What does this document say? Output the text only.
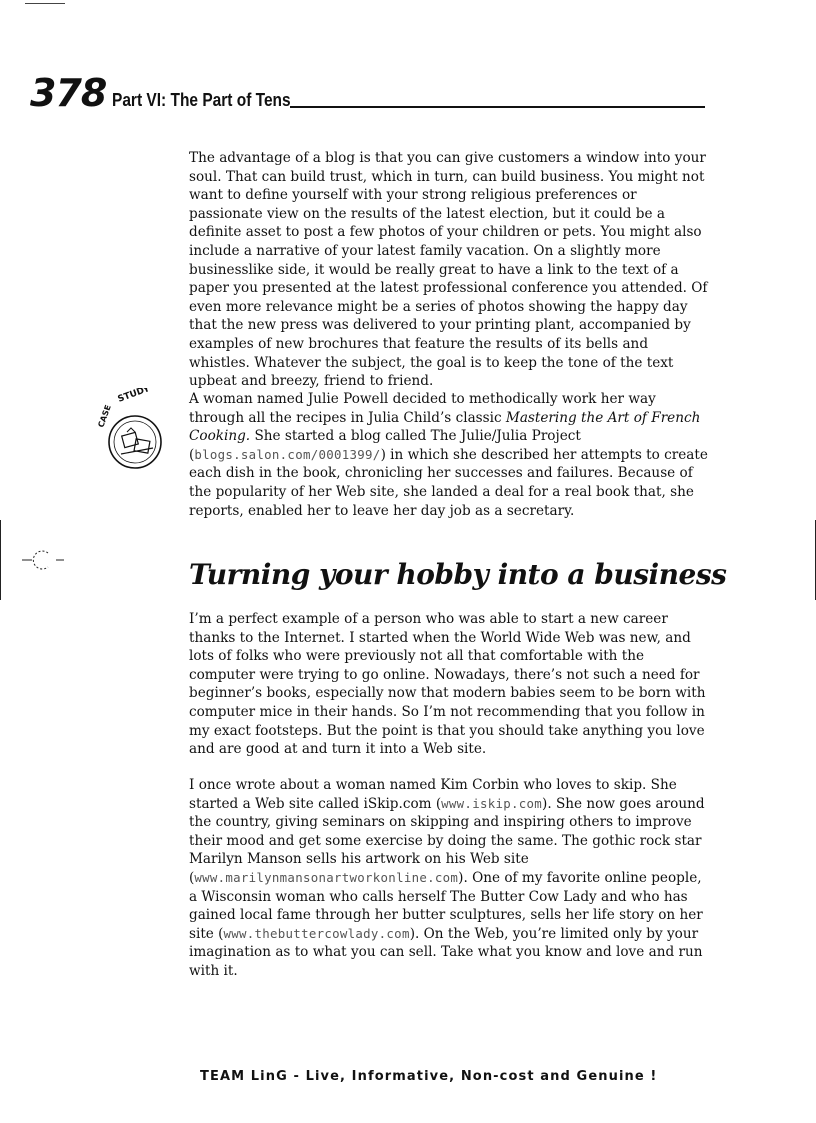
378 Part VI: The Part of Tens

The advantage of a blog is that you can give customers a window into your soul. That can build trust, which in turn, can build business. You might not want to define yourself with your strong religious preferences or passionate view on the results of the latest election, but it could be a definite asset to post a few photos of your children or pets. You might also include a narrative of your latest family vacation. On a slightly more businesslike side, it would be really great to have a link to the text of a paper you presented at the latest professional conference you attended. Of even more relevance might be a series of photos showing the happy day that the new press was delivered to your printing plant, accompanied by examples of new brochures that feature the results of its bells and whistles. Whatever the subject, the goal is to keep the tone of the text upbeat and breezy, friend to friend.

STUDY
CASE

A woman named Julie Powell decided to methodically work her way through all the recipes in Julia Child’s classic Mastering the Art of French Cooking. She started a blog called The Julie/Julia Project (blogs.salon.com/0001399/) in which she described her attempts to create each dish in the book, chronicling her successes and failures. Because of the popularity of her Web site, she landed a deal for a real book that, she reports, enabled her to leave her day job as a secretary.

Turning your hobby into a business

I’m a perfect example of a person who was able to start a new career thanks to the Internet. I started when the World Wide Web was new, and lots of folks who were previously not all that comfortable with the computer were trying to go online. Nowadays, there’s not such a need for beginner’s books, especially now that modern babies seem to be born with computer mice in their hands. So I’m not recommending that you follow in my exact footsteps. But the point is that you should take anything you love and are good at and turn it into a Web site.

I once wrote about a woman named Kim Corbin who loves to skip. She started a Web site called iSkip.com (www.iskip.com). She now goes around the country, giving seminars on skipping and inspiring others to improve their mood and get some exercise by doing the same. The gothic rock star Marilyn Manson sells his artwork on his Web site (www.marilynmansonartworkonline.com). One of my favorite online people, a Wisconsin woman who calls herself The Butter Cow Lady and who has gained local fame through her butter sculptures, sells her life story on her site (www.thebuttercowlady.com). On the Web, you’re limited only by your imagination as to what you can sell. Take what you know and love and run with it.

TEAM LinG - Live, Informative, Non-cost and Genuine !
